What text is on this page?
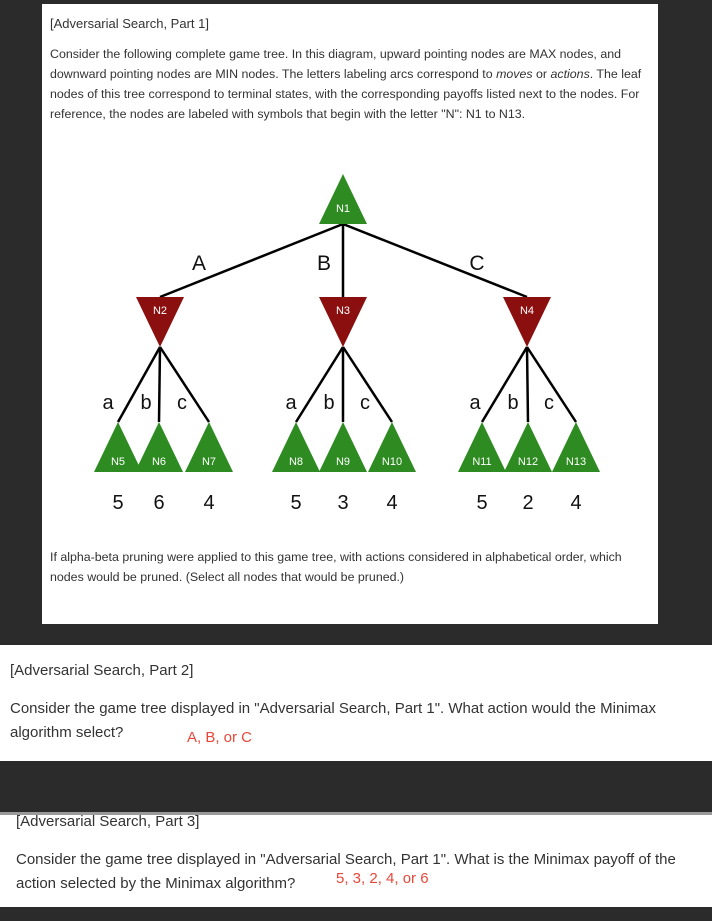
[Adversarial Search, Part 1]
Consider the following complete game tree. In this diagram, upward pointing nodes are MAX nodes, and downward pointing nodes are MIN nodes. The letters labeling arcs correspond to moves or actions. The leaf nodes of this tree correspond to terminal states, with the corresponding payoffs listed next to the nodes. For reference, the nodes are labeled with symbols that begin with the letter "N": N1 to N13.
A	B	C
a b c	a b c	a b c
N1
N2	N3	N4
N5 N6	N7	N8	N9	N10	N11 N12	N13
5 6 4	5 3 4	5 2 4
If alpha-beta pruning were applied to this game tree, with actions considered in alphabetical order, which nodes would be pruned. (Select all nodes that would be pruned.)
[Adversarial Search, Part 2]
Consider the game tree displayed in "Adversarial Search, Part 1". What action would the Minimax algorithm select?	A, B, or C
[Adversarial Search, Part 3]
Consider the game tree displayed in "Adversarial Search, Part 1". What is the Minimax payoff of the action selected by the Minimax algorithm?	5, 3, 2, 4, or 6
